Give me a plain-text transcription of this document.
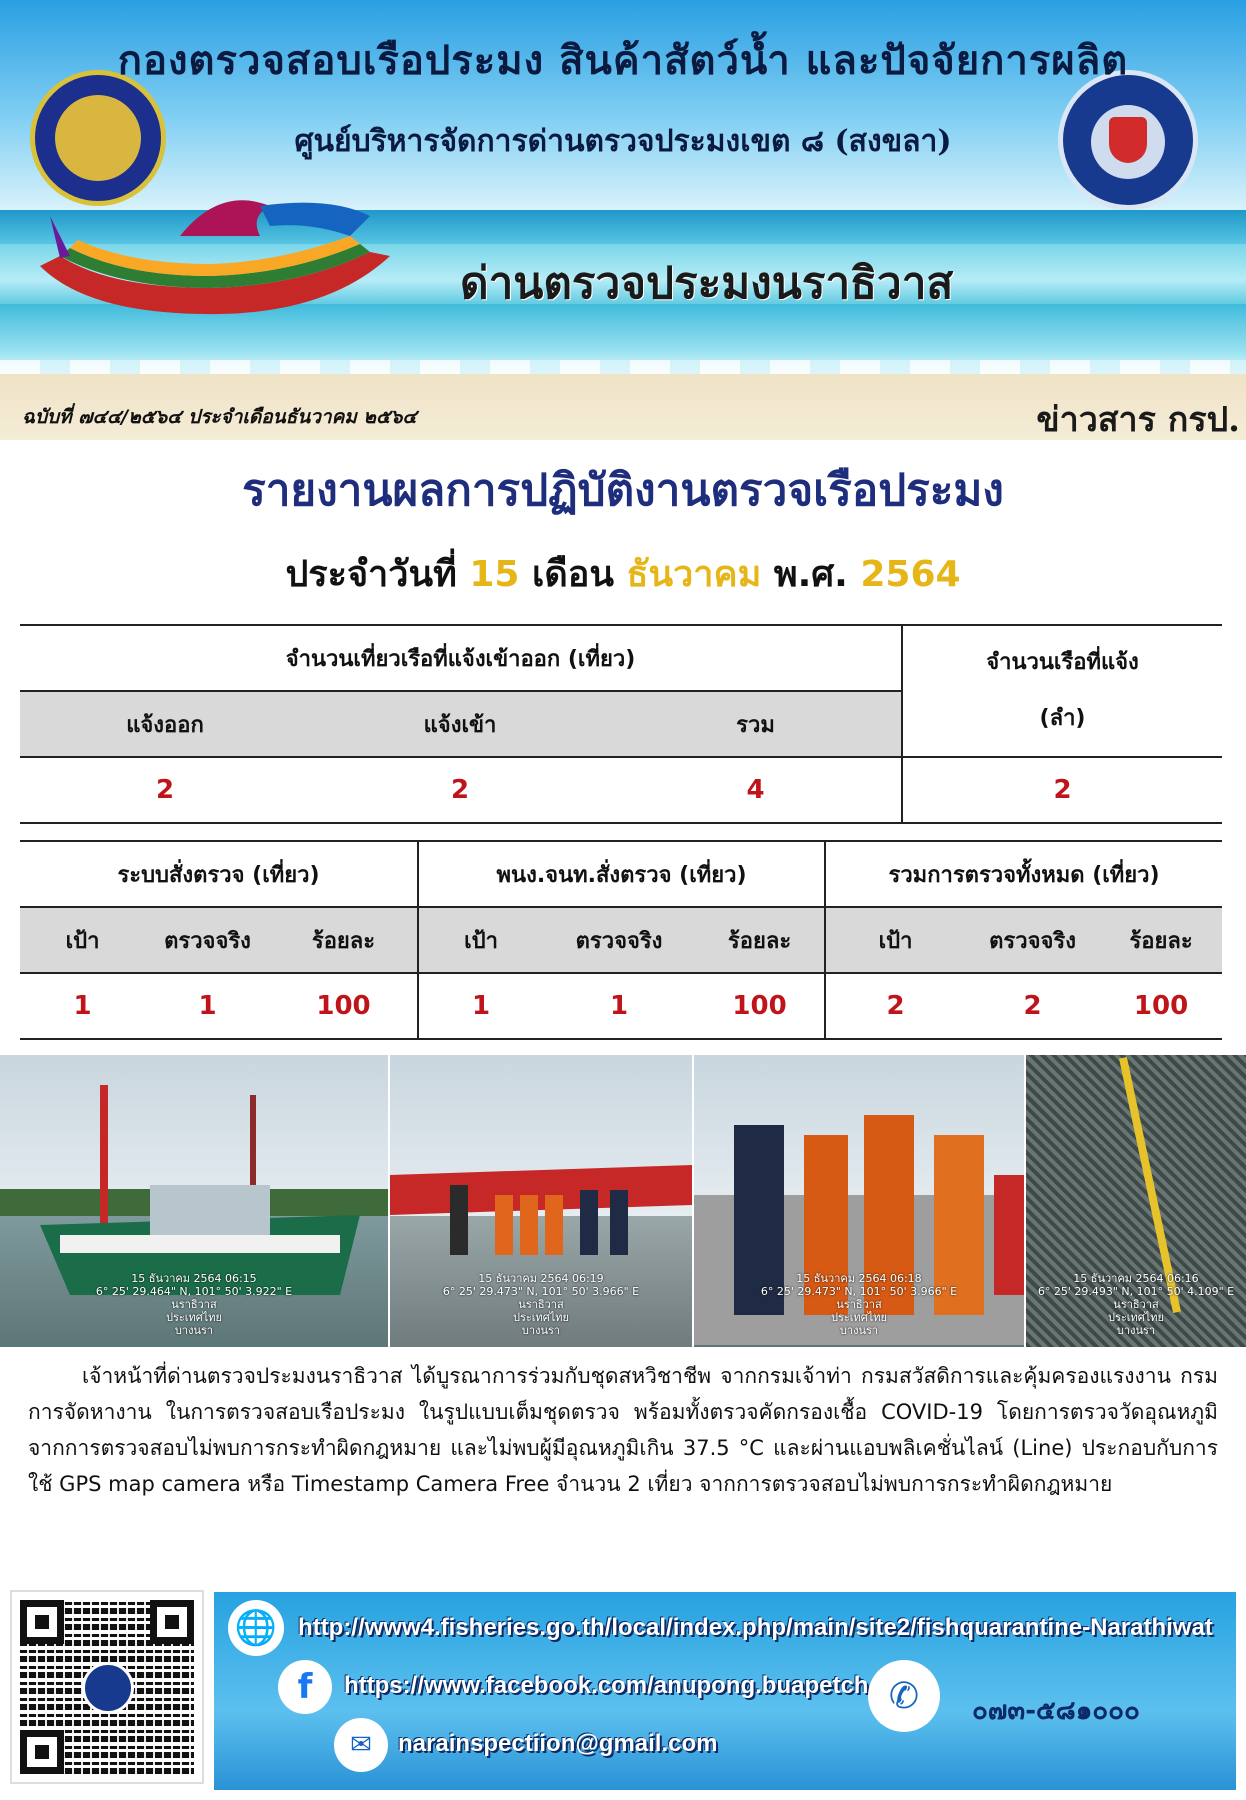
กองตรวจสอบเรือประมง สินค้าสัตว์น้ำ และปัจจัยการผลิต
ศูนย์บริหารจัดการด่านตรวจประมงเขต ๘ (สงขลา)
ด่านตรวจประมงนราธิวาส
ฉบับที่ ๗๔๔/๒๕๖๔ ประจำเดือนธันวาคม ๒๕๖๔	ข่าวสาร กรป.
รายงานผลการปฏิบัติงานตรวจเรือประมง
ประจำวันที่ 15 เดือน ธันวาคม พ.ศ. 2564
จำนวนเที่ยวเรือที่แจ้งเข้าออก (เที่ยว)			จำนวนเรือที่แจ้ง
(ลำ)

แจ้งออก	แจ้งเข้า	รวม	
2	2	4	2
ระบบสั่งตรวจ (เที่ยว)			พนง.จนท.สั่งตรวจ (เที่ยว)			รวมการตรวจทั้งหมด (เที่ยว)		
เป้า	ตรวจจริง	ร้อยละ	เป้า	ตรวจจริง	ร้อยละ	เป้า	ตรวจจริง	ร้อยละ
1	1	100	1	1	100	2	2	100
15 ธันวาคม 2564 06:15
6° 25' 29.464" N, 101° 50' 3.922" E
นราธิวาส
ประเทศไทย
บางนรา
15 ธันวาคม 2564 06:19
6° 25' 29.473" N, 101° 50' 3.966" E
นราธิวาส
ประเทศไทย
บางนรา
15 ธันวาคม 2564 06:18
6° 25' 29.473" N, 101° 50' 3.966" E
นราธิวาส
ประเทศไทย
บางนรา
15 ธันวาคม 2564 06:16
6° 25' 29.493" N, 101° 50' 4.109" E
นราธิวาส
ประเทศไทย
บางนรา
เจ้าหน้าที่ด่านตรวจประมงนราธิวาส ได้บูรณาการร่วมกับชุดสหวิชาชีพ จากกรมเจ้าท่า กรมสวัสดิการและคุ้มครองแรงงาน กรมการจัดหางาน ในการตรวจสอบเรือประมง ในรูปแบบเต็มชุดตรวจ พร้อมทั้งตรวจคัดกรองเชื้อ COVID-19 โดยการตรวจวัดอุณหภูมิ จากการตรวจสอบไม่พบการกระทำผิดกฎหมาย และไม่พบผู้มีอุณหภูมิเกิน 37.5 °C และผ่านแอบพลิเคชั่นไลน์ (Line) ประกอบกับการใช้ GPS map camera หรือ Timestamp Camera Free จำนวน 2 เที่ยว จากการตรวจสอบไม่พบการกระทำผิดกฎหมาย
🌐 http://www4.fisheries.go.th/local/index.php/main/site2/fishquarantine-Narathiwat
f	https://www.facebook.com/anupong.buapetch
✉	narainspectiion@gmail.com
✆	๐๗๓-๕๘๑๐๐๐
